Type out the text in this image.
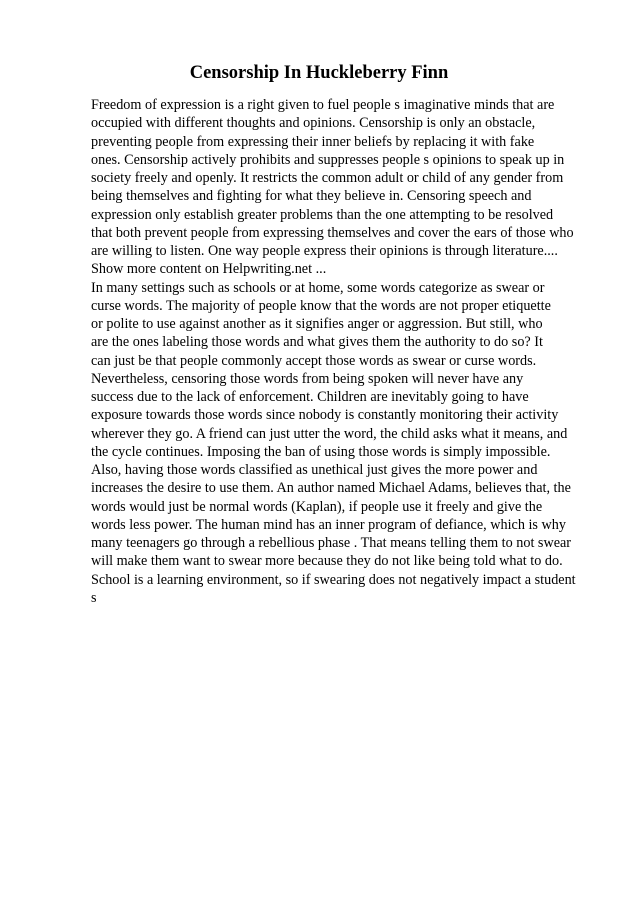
Censorship In Huckleberry Finn
Freedom of expression is a right given to fuel people s imaginative minds that are
occupied with different thoughts and opinions. Censorship is only an obstacle,
preventing people from expressing their inner beliefs by replacing it with fake
ones. Censorship actively prohibits and suppresses people s opinions to speak up in
society freely and openly. It restricts the common adult or child of any gender from
being themselves and fighting for what they believe in. Censoring speech and
expression only establish greater problems than the one attempting to be resolved
that both prevent people from expressing themselves and cover the ears of those who
are willing to listen. One way people express their opinions is through literature....
Show more content on Helpwriting.net ...
In many settings such as schools or at home, some words categorize as swear or
curse words. The majority of people know that the words are not proper etiquette
or polite to use against another as it signifies anger or aggression. But still, who
are the ones labeling those words and what gives them the authority to do so? It
can just be that people commonly accept those words as swear or curse words.
Nevertheless, censoring those words from being spoken will never have any
success due to the lack of enforcement. Children are inevitably going to have
exposure towards those words since nobody is constantly monitoring their activity
wherever they go. A friend can just utter the word, the child asks what it means, and
the cycle continues. Imposing the ban of using those words is simply impossible.
Also, having those words classified as unethical just gives the more power and
increases the desire to use them. An author named Michael Adams, believes that, the
words would just be normal words (Kaplan), if people use it freely and give the
words less power. The human mind has an inner program of defiance, which is why
many teenagers go through a rebellious phase . That means telling them to not swear
will make them want to swear more because they do not like being told what to do.
School is a learning environment, so if swearing does not negatively impact a student
s
